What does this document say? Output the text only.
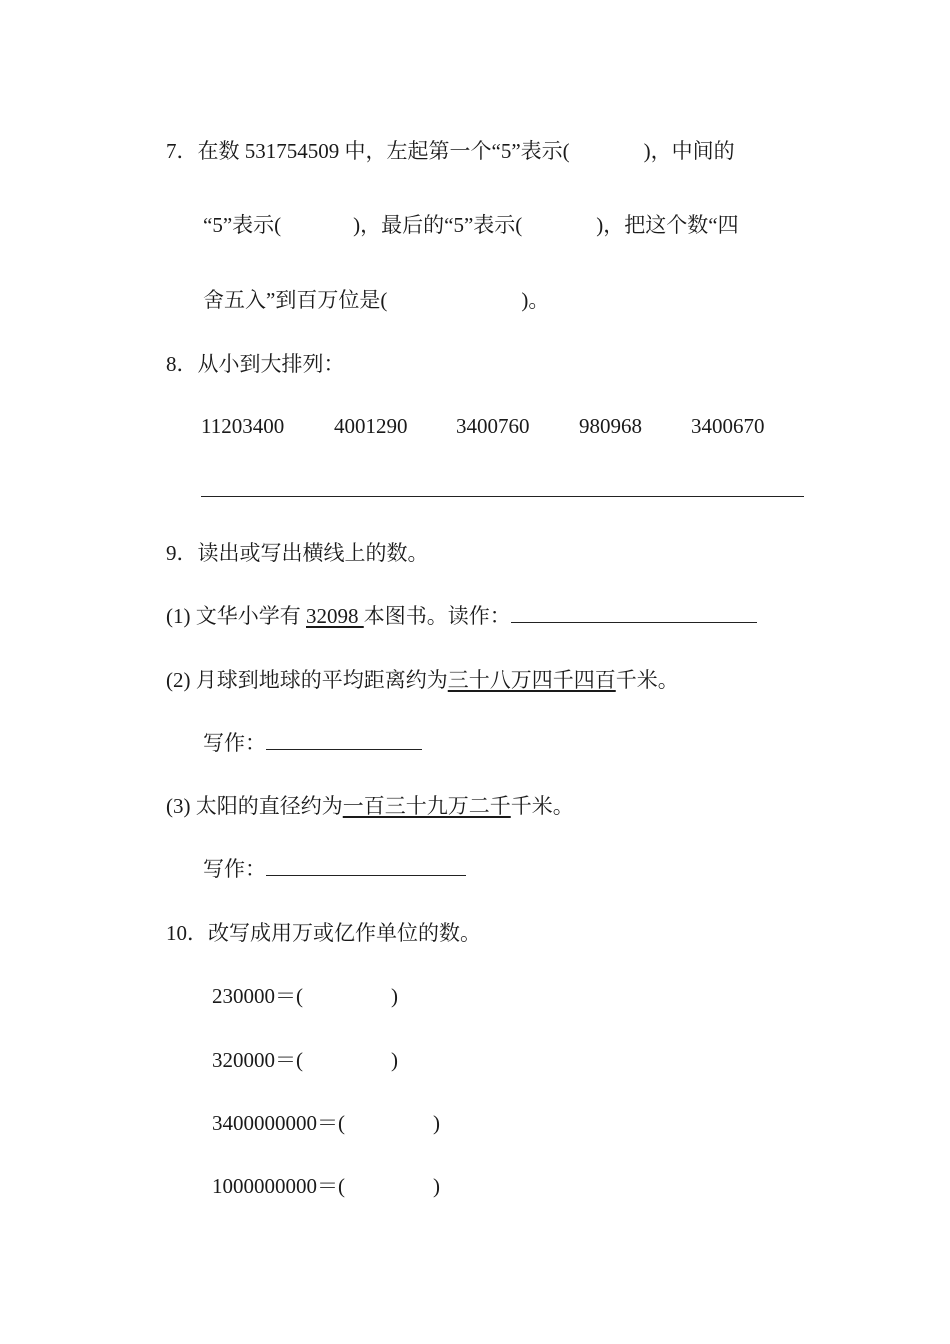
7．在数 531754509 中，左起第一个“5”表示(	)，中间的
“5”表示(	)，最后的“5”表示(	)，把这个数“四
舍五入”到百万位是(	)。
8．从小到大排列：
11203400 4001290 3400760 980968 3400670
9．读出或写出横线上的数。
(1) 文华小学有 32098 本图书。读作：
(2) 月球到地球的平均距离约为三十八万四千四百千米。
写作：
(3) 太阳的直径约为一百三十九万二千千米。
写作：
10．改写成用万或亿作单位的数。
230000＝(	)
320000＝(	)
3400000000＝(	)
1000000000＝(	)
